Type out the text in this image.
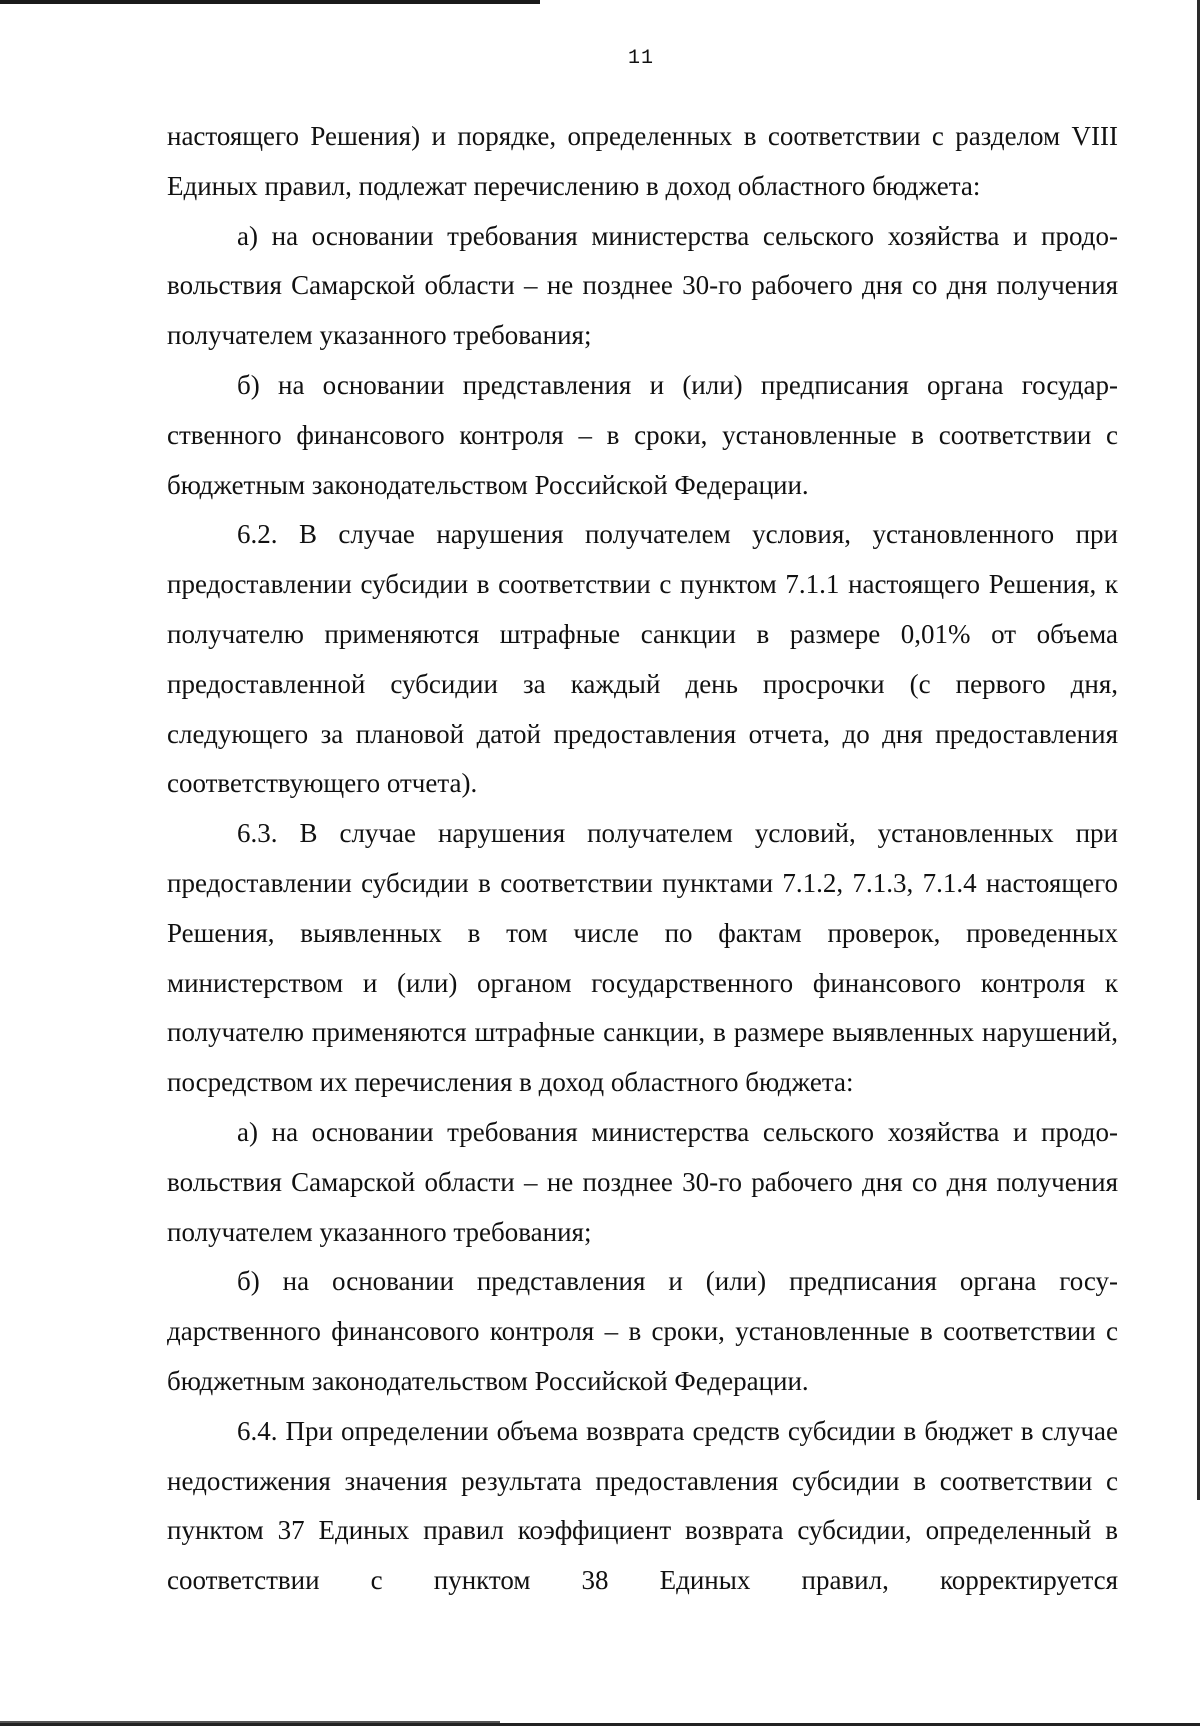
11

настоящего Решения) и порядке, определенных в соответствии с разделом VIII Единых правил, подлежат перечислению в доход областного бюджета:

а) на основании требования министерства сельского хозяйства и продовольствия Самарской области – не позднее 30-го рабочего дня со дня получения получателем указанного требования;

б) на основании представления и (или) предписания органа государственного финансового контроля – в сроки, установленные в соответствии с бюджетным законодательством Российской Федерации.

6.2. В случае нарушения получателем условия, установленного при предоставлении субсидии в соответствии с пунктом 7.1.1 настоящего Решения, к получателю применяются штрафные санкции в размере 0,01% от объема предоставленной субсидии за каждый день просрочки (с первого дня, следующего за плановой датой предоставления отчета, до дня предоставления соответствующего отчета).

6.3. В случае нарушения получателем условий, установленных при предоставлении субсидии в соответствии пунктами 7.1.2, 7.1.3, 7.1.4 настоящего Решения, выявленных в том числе по фактам проверок, проведенных министерством и (или) органом государственного финансового контроля к получателю применяются штрафные санкции, в размере выявленных нарушений, посредством их перечисления в доход областного бюджета:

а) на основании требования министерства сельского хозяйства и продовольствия Самарской области – не позднее 30-го рабочего дня со дня получения получателем указанного требования;

б) на основании представления и (или) предписания органа государственного финансового контроля – в сроки, установленные в соответствии с бюджетным законодательством Российской Федерации.

6.4. При определении объема возврата средств субсидии в бюджет в случае недостижения значения результата предоставления субсидии в соответствии с пунктом 37 Единых правил коэффициент возврата субсидии, определенный в соответствии с пунктом 38 Единых правил, корректируется
